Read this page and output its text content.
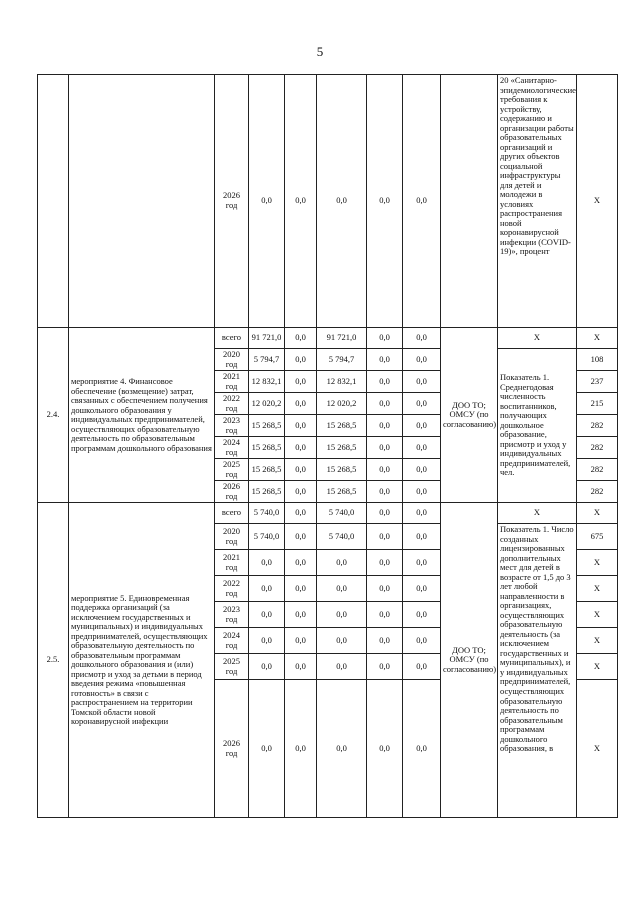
5
		2026 год	0,0	0,0	0,0	0,0	0,0		20 «Санитарно-эпидемиологические требования к устройству, содержанию и организации работы образовательных организаций и других объектов социальной инфраструктуры для детей и молодежи в условиях распространения новой коронавирусной инфекции (COVID-19)», процент	X
2.4.	мероприятие 4. Финансовое обеспечение (возмещение) затрат, связанных с обеспечением получения дошкольного образования у индивидуальных предпринимателей, осуществляющих образовательную деятельность по образовательным программам дошкольного образования	всего	91 721,0	0,0	91 721,0	0,0	0,0	ДОО ТО; ОМСУ (по согласованию)	X	X
		2020 год	5 794,7	0,0	5 794,7	0,0	0,0		Показатель 1. Среднегодовая численность воспитанников, получающих дошкольное образование, присмотр и уход у индивидуальных предпринимателей, чел.	108
		2021 год	12 832,1	0,0	12 832,1	0,0	0,0			237
		2022 год	12 020,2	0,0	12 020,2	0,0	0,0			215
		2023 год	15 268,5	0,0	15 268,5	0,0	0,0			282
		2024 год	15 268,5	0,0	15 268,5	0,0	0,0			282
		2025 год	15 268,5	0,0	15 268,5	0,0	0,0			282
		2026 год	15 268,5	0,0	15 268,5	0,0	0,0			282
2.5.	мероприятие 5. Единовременная поддержка организаций (за исключением государственных и муниципальных) и индивидуальных предпринимателей, осуществляющих образовательную деятельность по образовательным программам дошкольного образования и (или) присмотр и уход за детьми в период введения режима «повышенная готовность» в связи с распространением на территории Томской области новой коронавирусной инфекции	всего	5 740,0	0,0	5 740,0	0,0	0,0	ДОО ТО; ОМСУ (по согласованию)	X	X
		2020 год	5 740,0	0,0	5 740,0	0,0	0,0		Показатель 1. Число созданных лицензированных дополнительных мест для детей в возрасте от 1,5 до 3 лет любой направленности в организациях, осуществляющих образовательную деятельность (за исключением государственных и муниципальных), и у индивидуальных предпринимателей, осуществляющих образовательную деятельность по образовательным программам дошкольного образования, в	675
		2021 год	0,0	0,0	0,0	0,0	0,0			X
		2022 год	0,0	0,0	0,0	0,0	0,0			X
		2023 год	0,0	0,0	0,0	0,0	0,0			X
		2024 год	0,0	0,0	0,0	0,0	0,0			X
		2025 год	0,0	0,0	0,0	0,0	0,0			X
		2026 год	0,0	0,0	0,0	0,0	0,0			X
